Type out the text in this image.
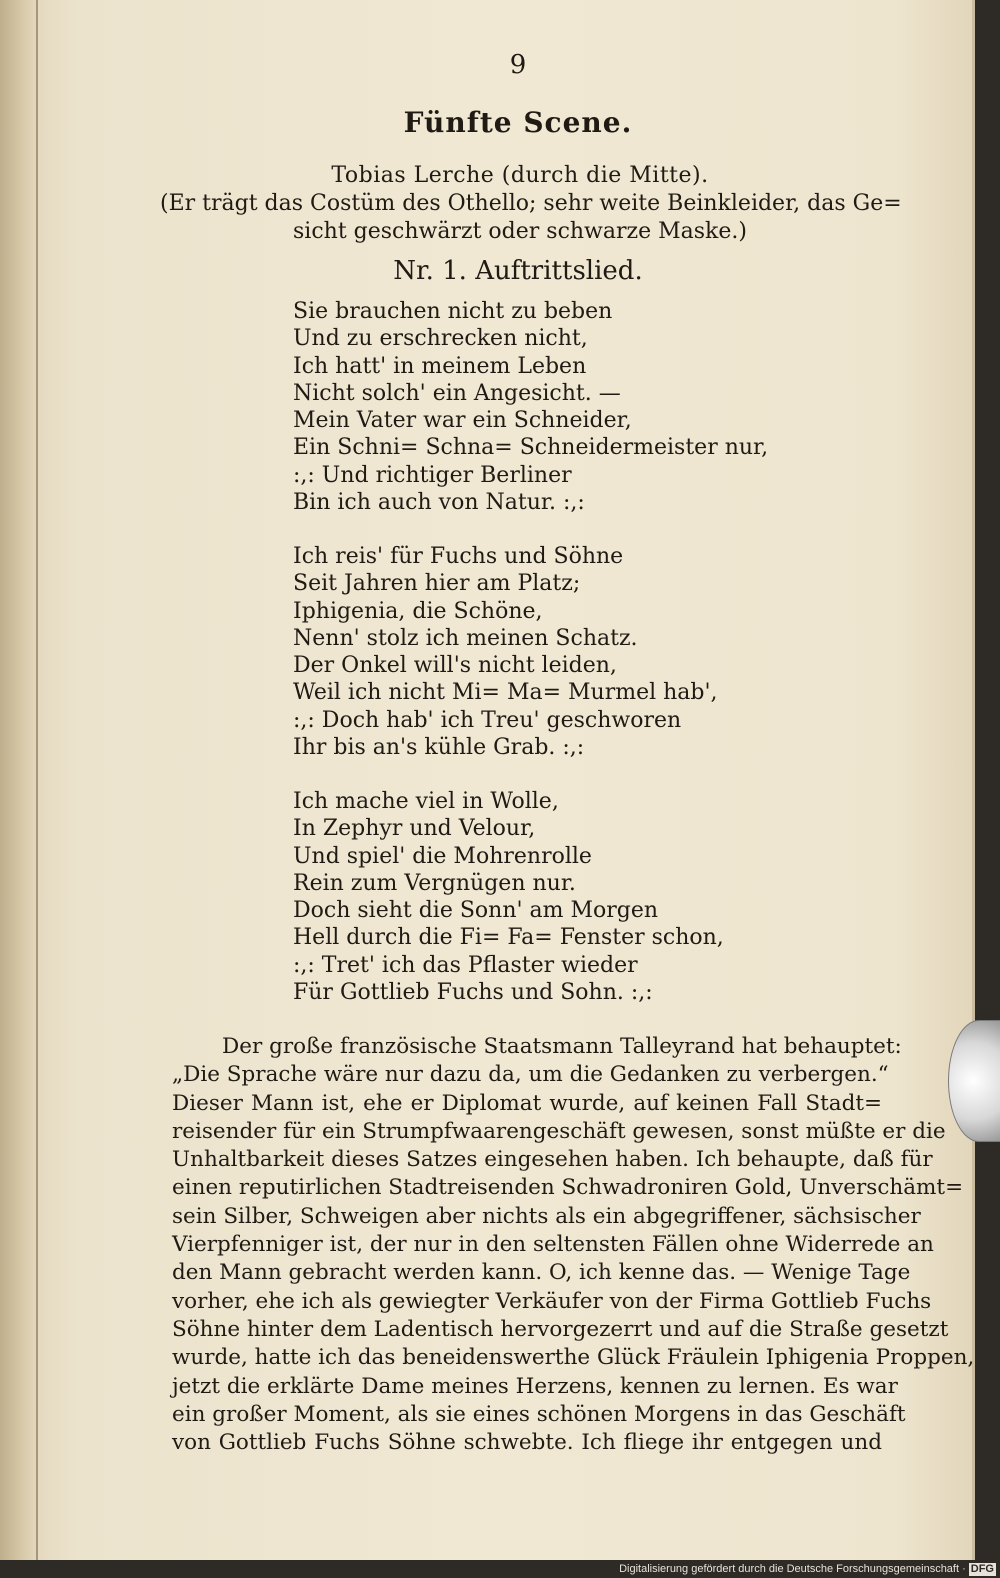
9
Fünfte Scene.
Tobias Lerche (durch die Mitte).
(Er trägt das Costüm des Othello; sehr weite Beinkleider, das Ge=
sicht geschwärzt oder schwarze Maske.)
Nr. 1. Auftrittslied.
Sie brauchen nicht zu beben
Und zu erschrecken nicht,
Ich hatt' in meinem Leben
Nicht solch' ein Angesicht. —
Mein Vater war ein Schneider,
Ein Schni= Schna= Schneidermeister nur,
:,: Und richtiger Berliner
Bin ich auch von Natur. :,:
Ich reis' für Fuchs und Söhne
Seit Jahren hier am Platz;
Iphigenia, die Schöne,
Nenn' stolz ich meinen Schatz.
Der Onkel will's nicht leiden,
Weil ich nicht Mi= Ma= Murmel hab',
:,: Doch hab' ich Treu' geschworen
Ihr bis an's kühle Grab. :,:
Ich mache viel in Wolle,
In Zephyr und Velour,
Und spiel' die Mohrenrolle
Rein zum Vergnügen nur.
Doch sieht die Sonn' am Morgen
Hell durch die Fi= Fa= Fenster schon,
:,: Tret' ich das Pflaster wieder
Für Gottlieb Fuchs und Sohn. :,:
Der große französische Staatsmann Talleyrand hat behauptet:
„Die Sprache wäre nur dazu da, um die Gedanken zu verbergen.“
Dieser Mann ist, ehe er Diplomat wurde, auf keinen Fall Stadt=
reisender für ein Strumpfwaarengeschäft gewesen, sonst müßte er die
Unhaltbarkeit dieses Satzes eingesehen haben. Ich behaupte, daß für
einen reputirlichen Stadtreisenden Schwadroniren Gold, Unverschämt=
sein Silber, Schweigen aber nichts als ein abgegriffener, sächsischer
Vierpfenniger ist, der nur in den seltensten Fällen ohne Widerrede an
den Mann gebracht werden kann. O, ich kenne das. — Wenige Tage
vorher, ehe ich als gewiegter Verkäufer von der Firma Gottlieb Fuchs
Söhne hinter dem Ladentisch hervorgezerrt und auf die Straße gesetzt
wurde, hatte ich das beneidenswerthe Glück Fräulein Iphigenia Proppen,
jetzt die erklärte Dame meines Herzens, kennen zu lernen. Es war
ein großer Moment, als sie eines schönen Morgens in das Geschäft
von Gottlieb Fuchs Söhne schwebte. Ich fliege ihr entgegen und
Digitalisierung gefördert durch die Deutsche Forschungsgemeinschaft · DFG
